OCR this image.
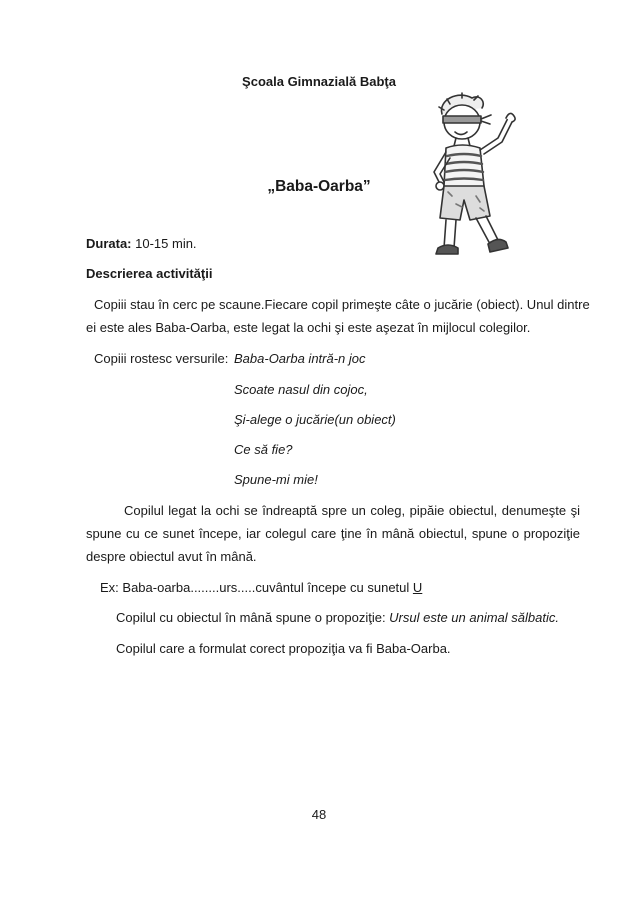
Şcoala Gimnazială Babţa
„Baba-Oarba”
Durata: 10-15 min.
Descrierea activităţii
Copiii stau în cerc pe scaune.Fiecare copil primeşte câte o jucărie (obiect). Unul dintre
ei este ales Baba-Oarba, este legat la ochi şi este aşezat în mijlocul colegilor.
Copiii rostesc versurile: Baba-Oarba intră-n joc
Scoate nasul din cojoc,
Şi-alege o jucărie(un obiect)
Ce să fie?
Spune-mi mie!
Copilul legat la ochi se îndreaptă spre un coleg, pipăie obiectul, denumeşte şi
spune cu ce sunet începe, iar colegul care ţine în mână obiectul, spune o propoziţie
despre obiectul avut în mână.
Ex: Baba-oarba........urs.....cuvântul începe cu sunetul U
Copilul cu obiectul în mână spune o propoziţie: Ursul este un animal sălbatic.
Copilul care a formulat corect propoziţia va fi Baba-Oarba.
48
